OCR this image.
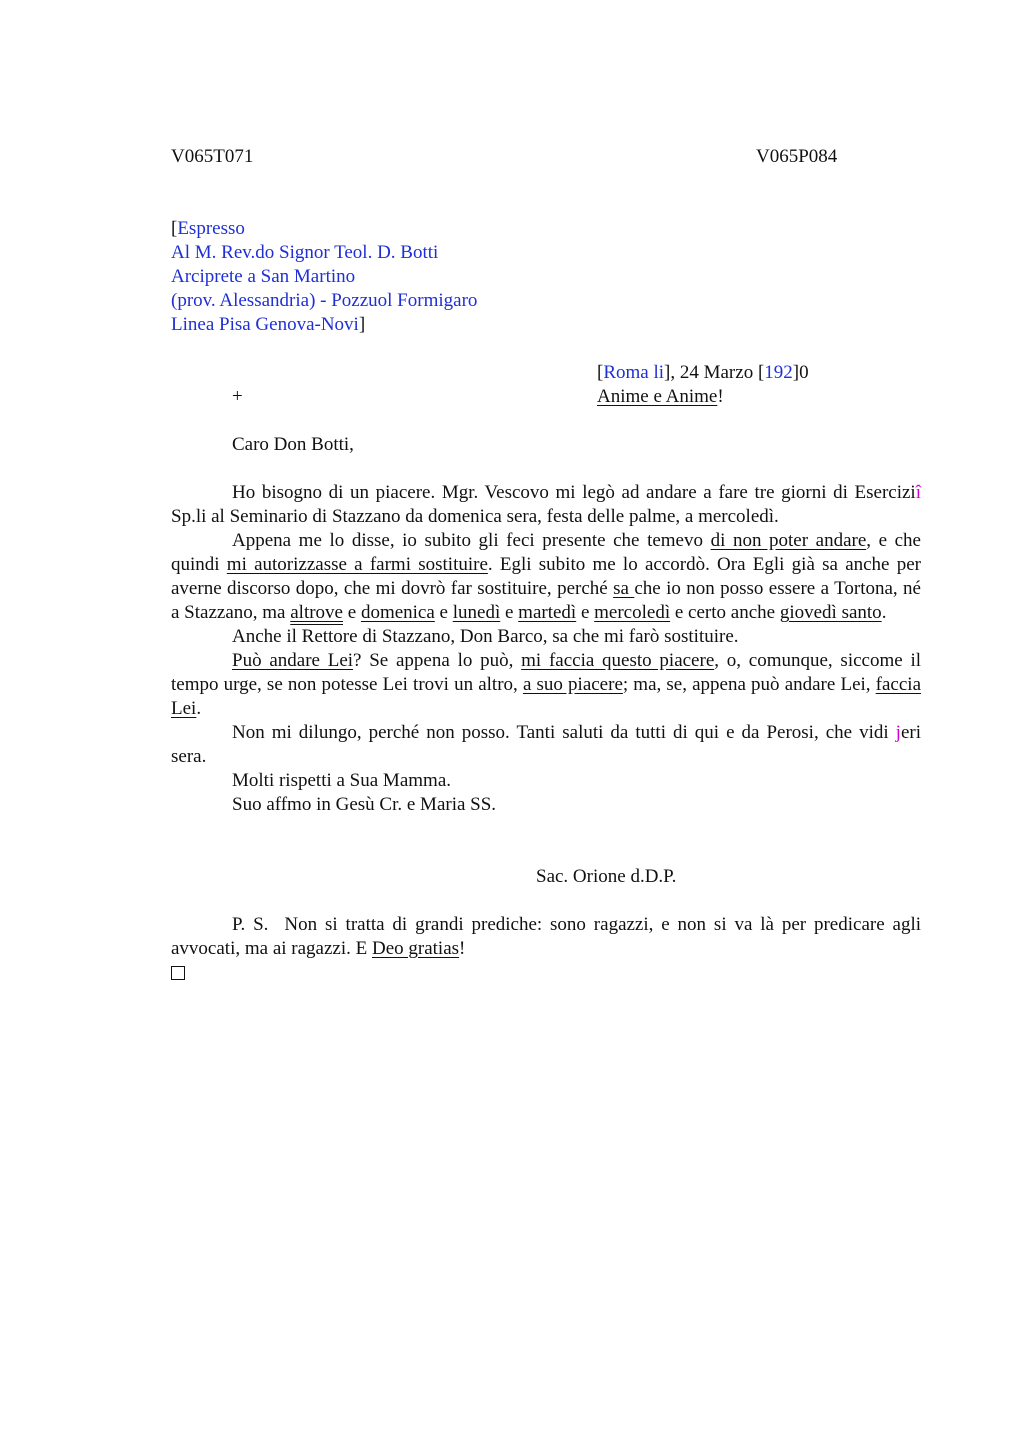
V065T071	V065P084
[Espresso
Al M. Rev.do Signor Teol. D. Botti
Arciprete a San Martino
(prov. Alessandria) - Pozzuol Formigaro
Linea Pisa Genova-Novi]
[Roma li], 24 Marzo [192]0
+	Anime e Anime!

Caro Don Botti,

Ho bisogno di un piacere. Mgr. Vescovo mi legò ad andare a fare tre giorni di Eserciziî Sp.li al Seminario di Stazzano da domenica sera, festa delle palme, a mercoledì.

Appena me lo disse, io subito gli feci presente che temevo di non poter andare, e che quindi mi autorizzasse a farmi sostituire. Egli subito me lo accordò. Ora Egli già sa anche per averne discorso dopo, che mi dovrò far sostituire, perché sa che io non posso essere a Tortona, né a Stazzano, ma altrove e domenica e lunedì e martedì e mercoledì e certo anche giovedì santo.

Anche il Rettore di Stazzano, Don Barco, sa che mi farò sostituire.

Può andare Lei? Se appena lo può, mi faccia questo piacere, o, comunque, siccome il tempo urge, se non potesse Lei trovi un altro, a suo piacere; ma, se, appena può andare Lei, faccia Lei.

Non mi dilungo, perché non posso. Tanti saluti da tutti di qui e da Perosi, che vidi jeri sera.

Molti rispetti a Sua Mamma.

Suo affmo in Gesù Cr. e Maria SS.

Sac. Orione d.D.P.

P. S. Non si tratta di grandi prediche: sono ragazzi, e non si va là per predicare agli avvocati, ma ai ragazzi. E Deo gratias!
